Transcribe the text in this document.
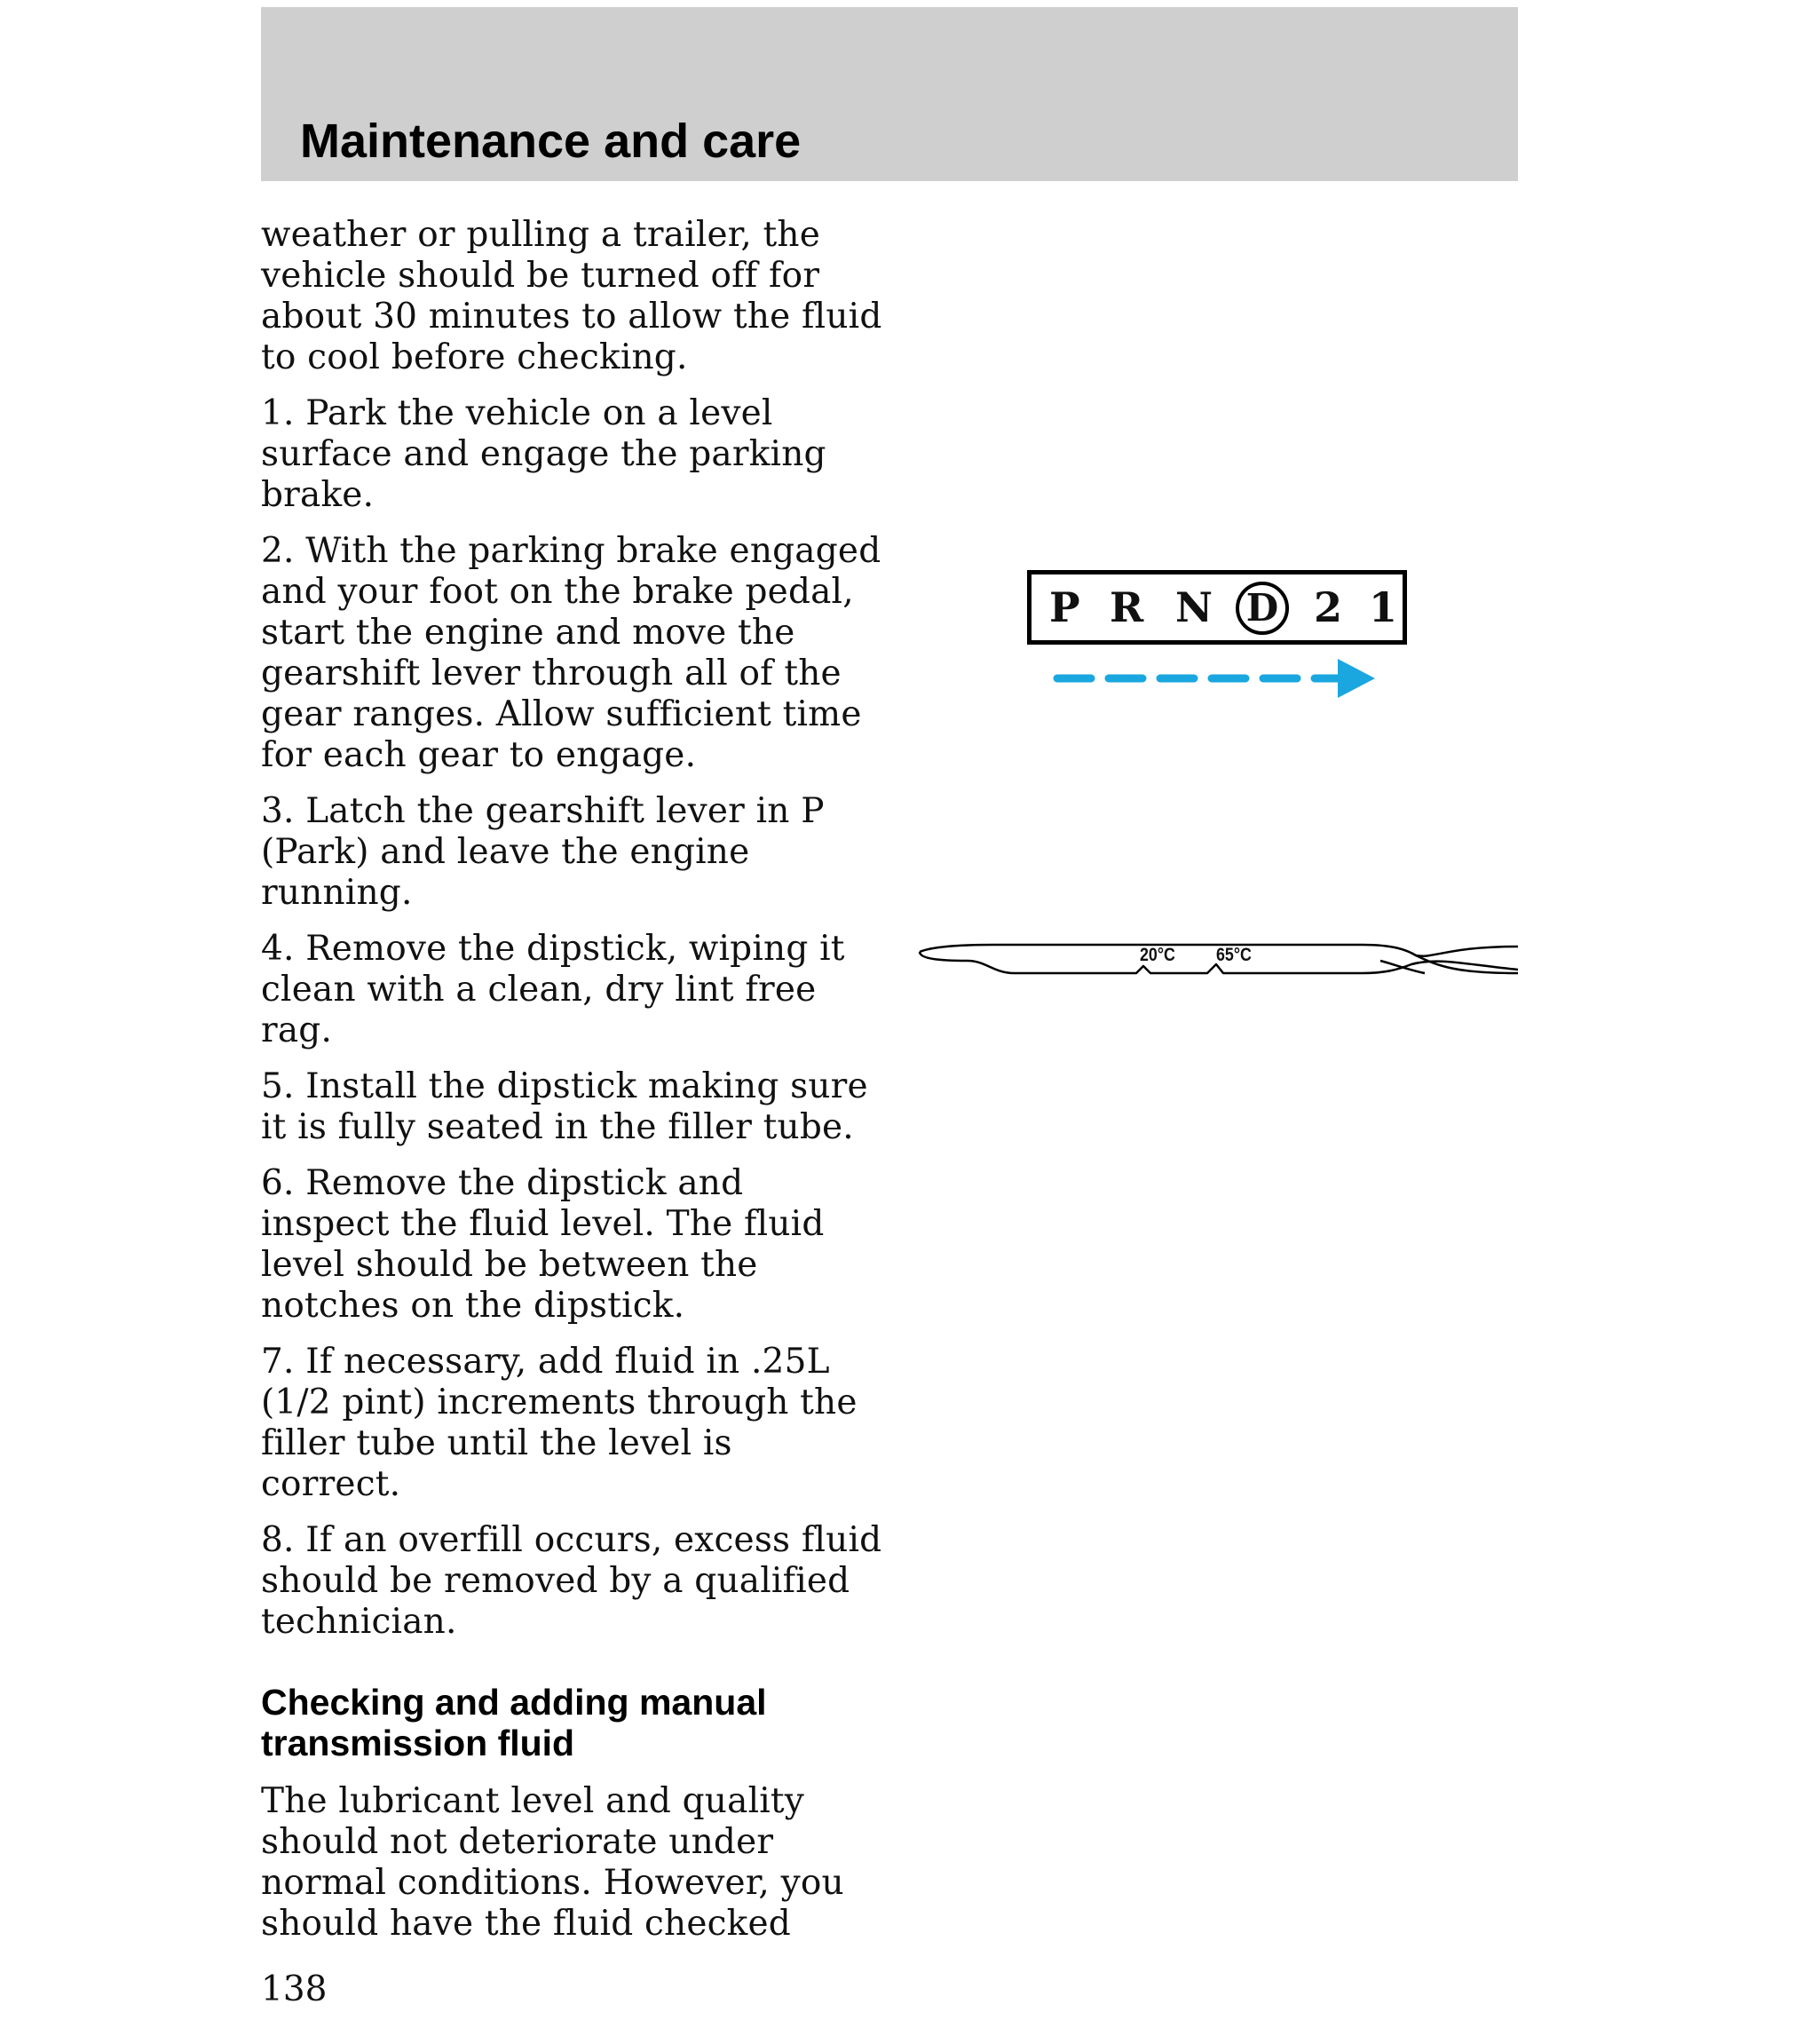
Maintenance and care

weather or pulling a trailer, the vehicle should be turned off for about 30 minutes to allow the fluid to cool before checking.

1. Park the vehicle on a level surface and engage the parking brake.

2. With the parking brake engaged and your foot on the brake pedal, start the engine and move the gearshift lever through all of the gear ranges. Allow sufficient time for each gear to engage.

3. Latch the gearshift lever in P (Park) and leave the engine running.

4. Remove the dipstick, wiping it clean with a clean, dry lint free rag.

5. Install the dipstick making sure it is fully seated in the filler tube.

6. Remove the dipstick and inspect the fluid level. The fluid level should be between the notches on the dipstick.

7. If necessary, add fluid in .25L (1/2 pint) increments through the filler tube until the level is correct.

8. If an overfill occurs, excess fluid should be removed by a qualified technician.

Checking and adding manual transmission fluid

The lubricant level and quality should not deteriorate under normal conditions. However, you should have the fluid checked

138

P R N D 2 1
20°C 65°C
